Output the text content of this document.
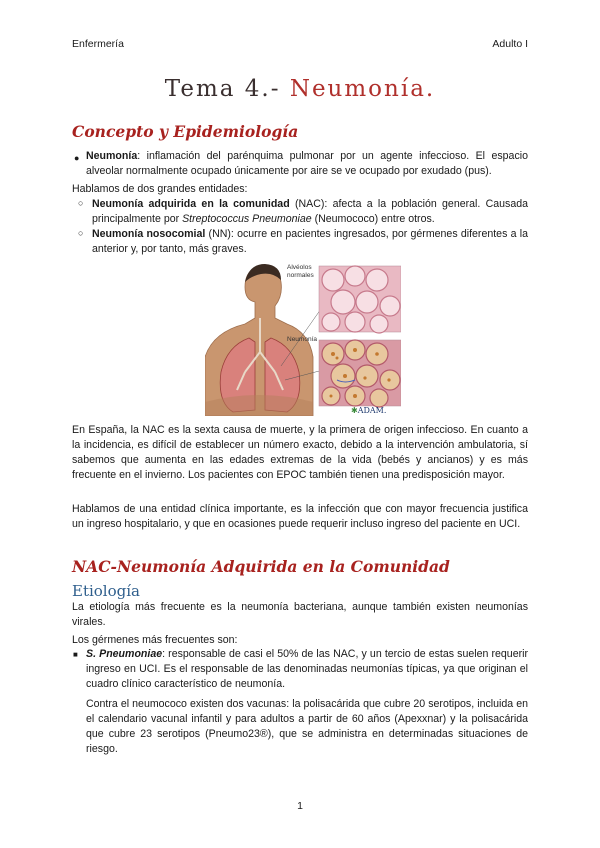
Enfermería	Adulto I
Tema 4.- Neumonía.
Concepto y Epidemiología
● Neumonía: inflamación del parénquima pulmonar por un agente infeccioso. El espacio alveolar normalmente ocupado únicamente por aire se ve ocupado por exudado (pus).

Hablamos de dos grandes entidades:

○ Neumonía adquirida en la comunidad (NAC): afecta a la población general. Causada principalmente por Streptococcus Pneumoniae (Neumococo) entre otros.

○ Neumonía nosocomial (NN): ocurre en pacientes ingresados, por gérmenes diferentes a la anterior y, por tanto, más graves.

Alvéolos normales
Neumonía
✱ADAM.

En España, la NAC es la sexta causa de muerte, y la primera de origen infeccioso. En cuanto a la incidencia, es difícil de establecer un número exacto, debido a la intervención ambulatoria, sí sabemos que aumenta en las edades extremas de la vida (bebés y ancianos) y es más frecuente en el invierno. Los pacientes con EPOC también tienen una predisposición mayor.

Hablamos de una entidad clínica importante, es la infección que con mayor frecuencia justifica un ingreso hospitalario, y que en ocasiones puede requerir incluso ingreso del paciente en UCI.

NAC-Neumonía Adquirida en la Comunidad
Etiología

La etiología más frecuente es la neumonía bacteriana, aunque también existen neumonías virales.

Los gérmenes más frecuentes son:

■ S. Pneumoniae: responsable de casi el 50% de las NAC, y un tercio de estas suelen requerir ingreso en UCI. Es el responsable de las denominadas neumonías típicas, ya que originan el cuadro clínico característico de neumonía.

Contra el neumococo existen dos vacunas: la polisacárida que cubre 20 serotipos, incluida en el calendario vacunal infantil y para adultos a partir de 60 años (Apexxnar) y la polisacárida que cubre 23 serotipos (Pneumo23®), que se administra en determinadas situaciones de riesgo.

1
